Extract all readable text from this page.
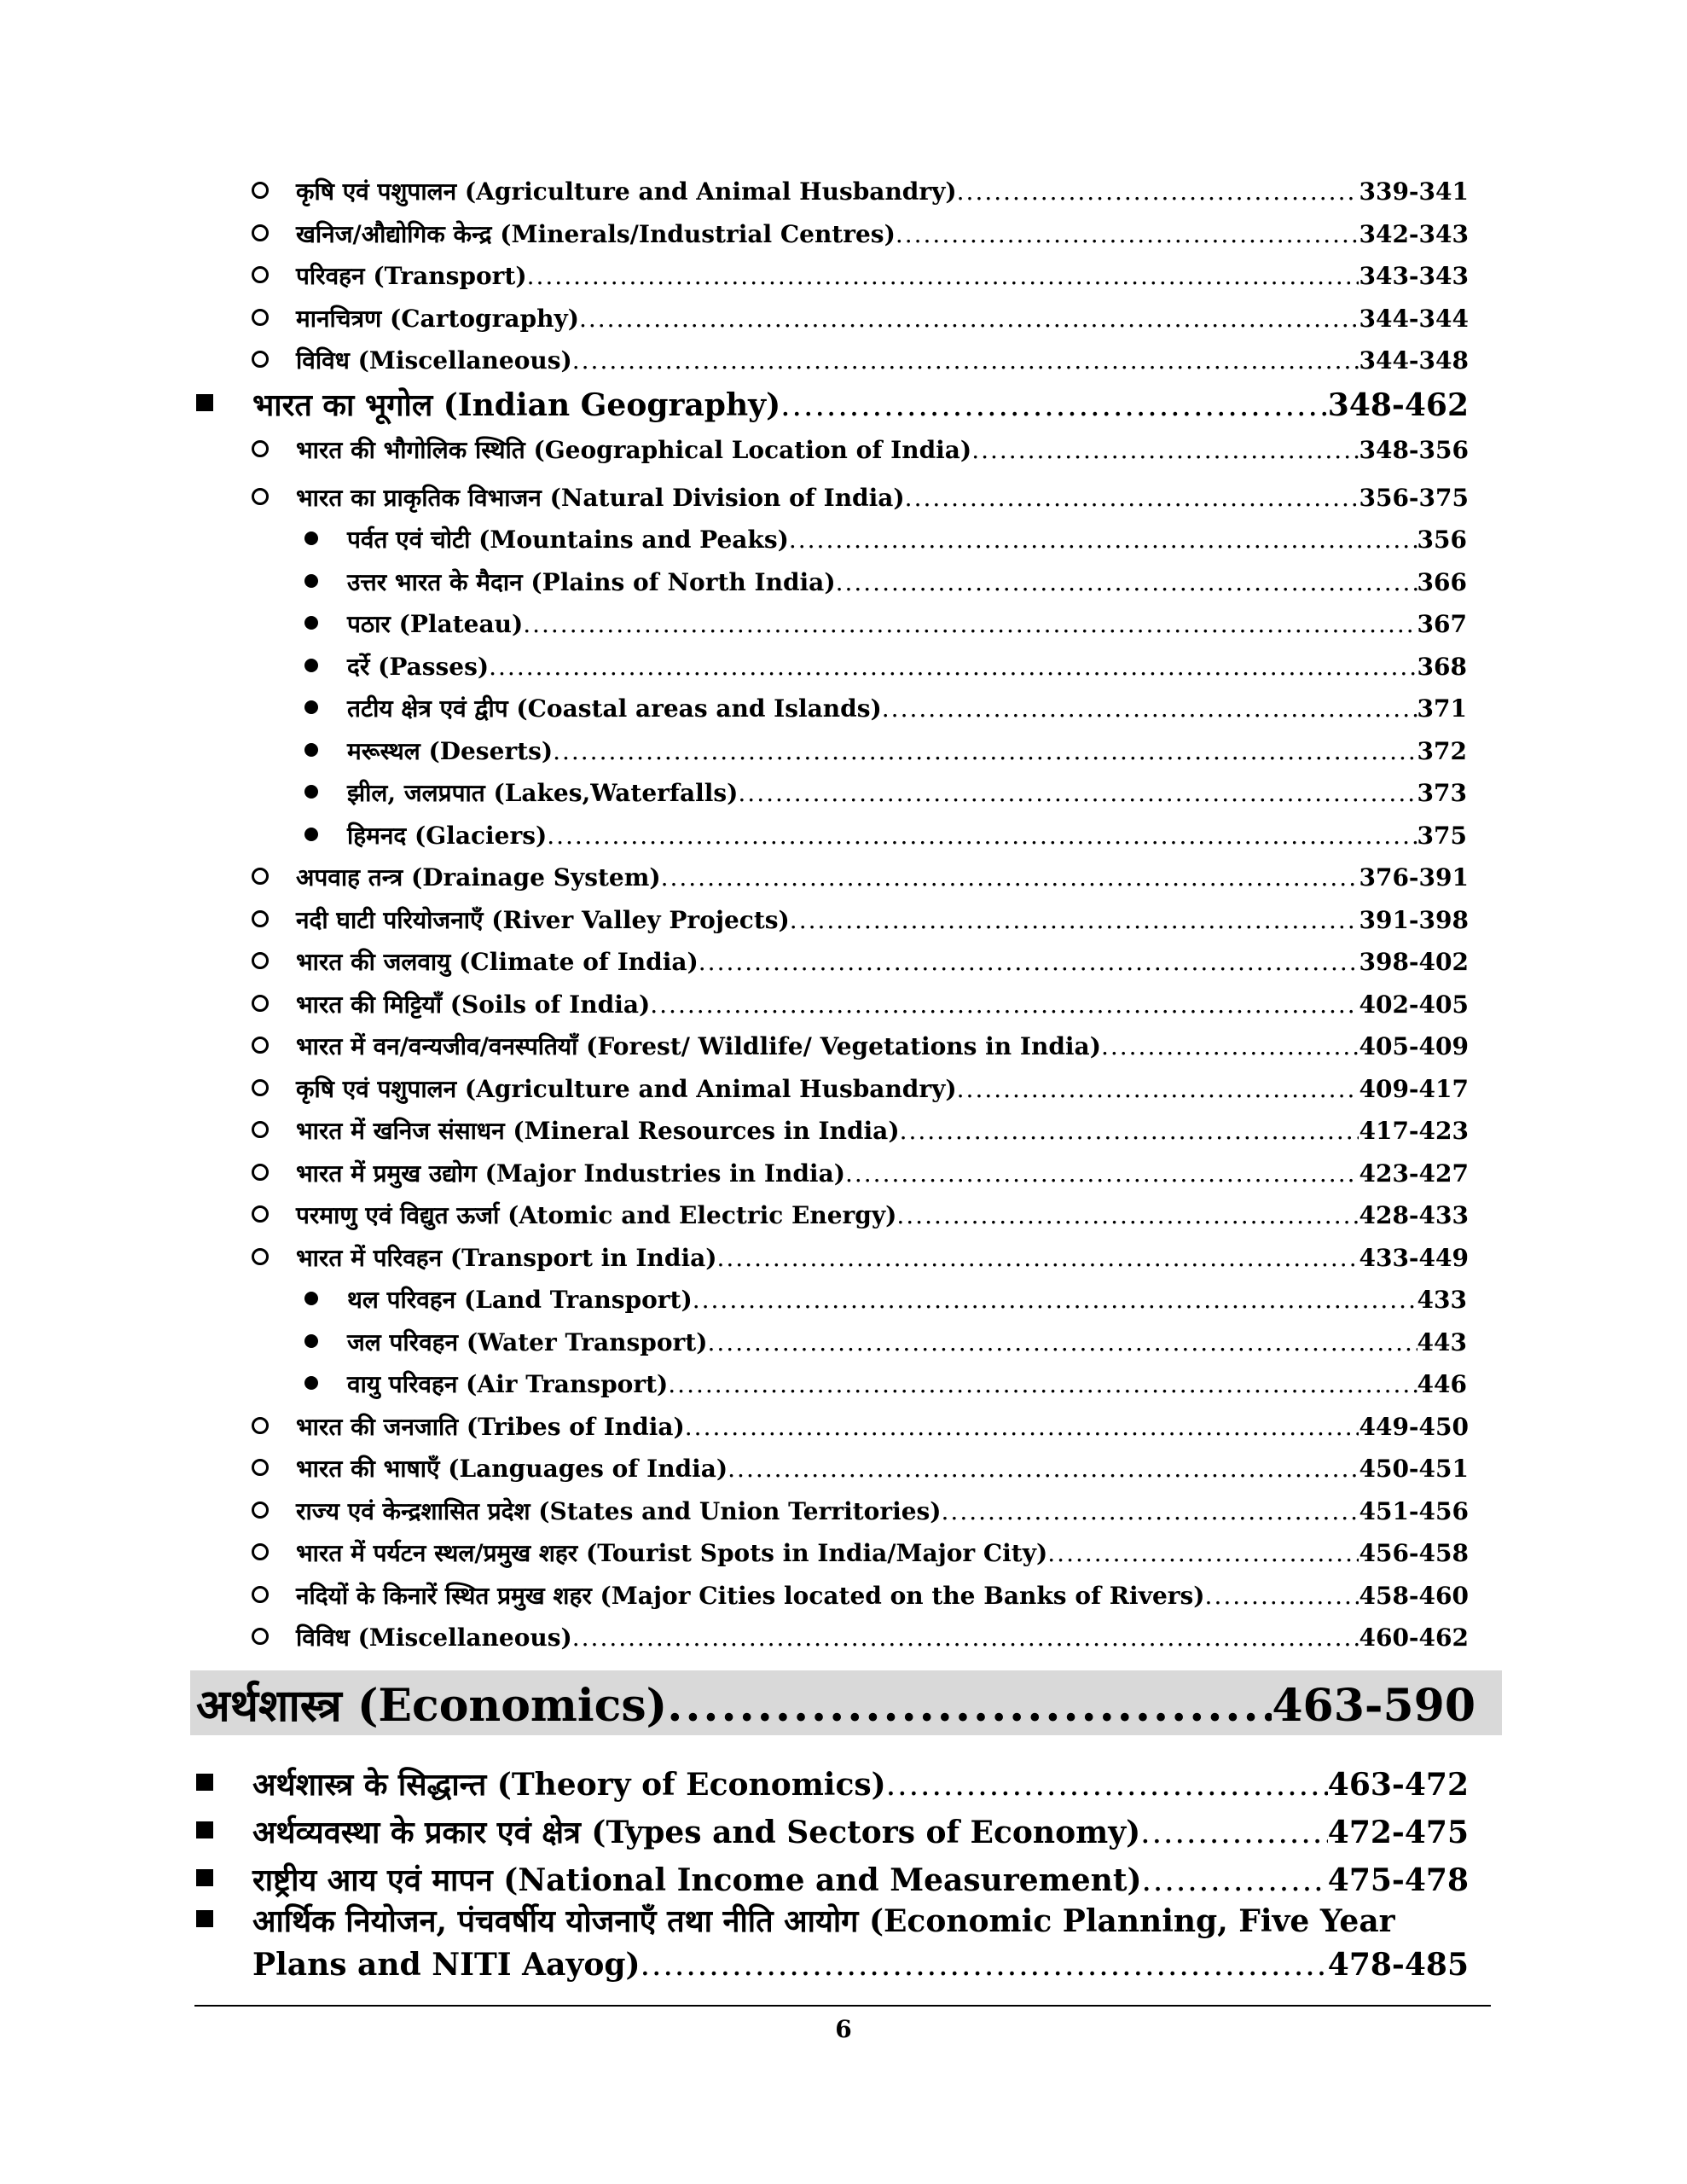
कृषि एवं पशुपालन (Agriculture and Animal Husbandry) .....	339-341
खनिज/औद्योगिक केन्द्र (Minerals/Industrial Centres) .....	342-343
परिवहन (Transport) .....	343-343
मानचित्रण (Cartography) .....	344-344
विविध (Miscellaneous) .....	344-348
भारत का भूगोल (Indian Geography) .....	348-462
भारत की भौगोलिक स्थिति (Geographical Location of India) .....	348-356
भारत का प्राकृतिक विभाजन (Natural Division of India) .....	356-375
पर्वत एवं चोटी (Mountains and Peaks) .....	356
उत्तर भारत के मैदान (Plains of North India) .....	366
पठार (Plateau) .....	367
दर्रे (Passes) .....	368
तटीय क्षेत्र एवं द्वीप (Coastal areas and Islands) .....	371
मरूस्थल (Deserts) .....	372
झील, जलप्रपात (Lakes,Waterfalls) .....	373
हिमनद (Glaciers) .....	375
अपवाह तन्त्र (Drainage System) .....	376-391
नदी घाटी परियोजनाएँ (River Valley Projects) .....	391-398
भारत की जलवायु (Climate of India) .....	398-402
भारत की मिट्टियाँ (Soils of India) .....	402-405
भारत में वन/वन्यजीव/वनस्पतियाँ (Forest/ Wildlife/ Vegetations in India) .....	405-409
कृषि एवं पशुपालन (Agriculture and Animal Husbandry) .....	409-417
भारत में खनिज संसाधन (Mineral Resources in India) .....	417-423
भारत में प्रमुख उद्योग (Major Industries in India) .....	423-427
परमाणु एवं विद्युत ऊर्जा (Atomic and Electric Energy) .....	428-433
भारत में परिवहन (Transport in India) .....	433-449
थल परिवहन (Land Transport) .....	433
जल परिवहन (Water Transport) .....	443
वायु परिवहन (Air Transport) .....	446
भारत की जनजाति (Tribes of India) .....	449-450
भारत की भाषाएँ (Languages of India) .....	450-451
राज्य एवं केन्द्रशासित प्रदेश (States and Union Territories) .....	451-456
भारत में पर्यटन स्थल/प्रमुख शहर (Tourist Spots in India/Major City) .....	456-458
नदियों के किनारें स्थित प्रमुख शहर (Major Cities located on the Banks of Rivers) .....	458-460
विविध (Miscellaneous) .....	460-462
अर्थशास्त्र (Economics) .....	463-590
अर्थशास्त्र के सिद्धान्त (Theory of Economics) .....	463-472
अर्थव्यवस्था के प्रकार एवं क्षेत्र (Types and Sectors of Economy) .....	472-475
राष्ट्रीय आय एवं मापन (National Income and Measurement) .....	475-478
आर्थिक नियोजन, पंचवर्षीय योजनाएँ तथा नीति आयोग (Economic Planning, Five Year
Plans and NITI Aayog) .....	478-485
6
